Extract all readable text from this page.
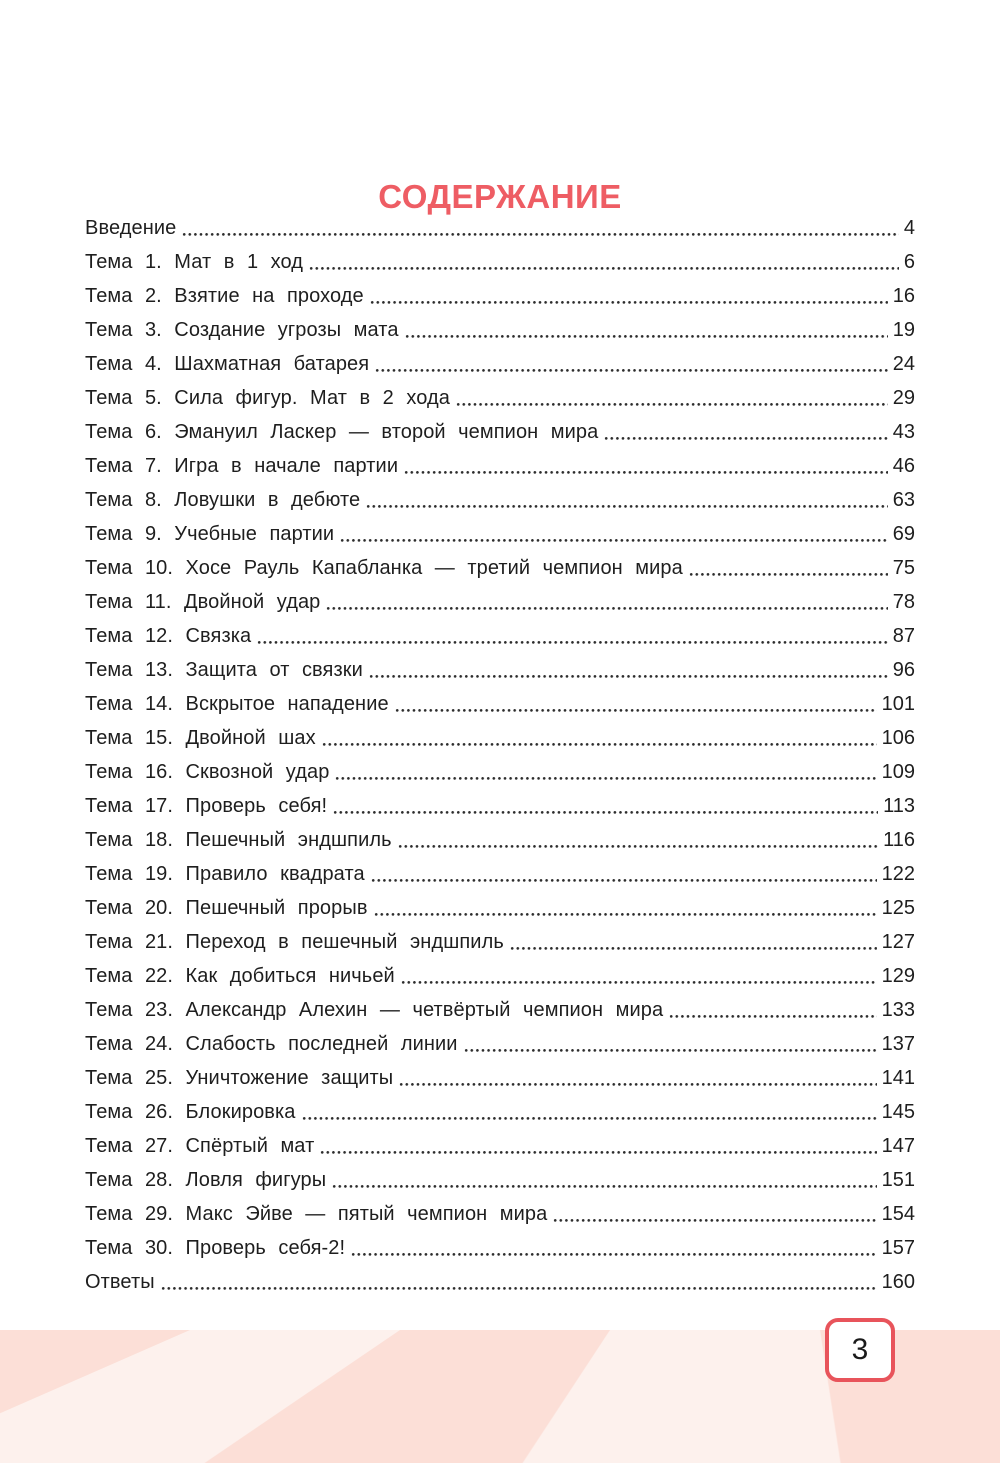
СОДЕРЖАНИЕ
Введение	4
Тема 1. Мат в 1 ход	6
Тема 2. Взятие на проходе	16
Тема 3. Создание угрозы мата	19
Тема 4. Шахматная батарея	24
Тема 5. Сила фигур. Мат в 2 хода	29
Тема 6. Эмануил Ласкер — второй чемпион мира	43
Тема 7. Игра в начале партии	46
Тема 8. Ловушки в дебюте	63
Тема 9. Учебные партии	69
Тема 10. Хосе Рауль Капабланка — третий чемпион мира	75
Тема 11. Двойной удар	78
Тема 12. Связка	87
Тема 13. Защита от связки	96
Тема 14. Вскрытое нападение	101
Тема 15. Двойной шах	106
Тема 16. Сквозной удар	109
Тема 17. Проверь себя!	113
Тема 18. Пешечный эндшпиль	116
Тема 19. Правило квадрата	122
Тема 20. Пешечный прорыв	125
Тема 21. Переход в пешечный эндшпиль	127
Тема 22. Как добиться ничьей	129
Тема 23. Александр Алехин — четвёртый чемпион мира	133
Тема 24. Слабость последней линии	137
Тема 25. Уничтожение защиты	141
Тема 26. Блокировка	145
Тема 27. Спёртый мат	147
Тема 28. Ловля фигуры	151
Тема 29. Макс Эйве — пятый чемпион мира	154
Тема 30. Проверь себя-2!	157
Ответы	160
3
